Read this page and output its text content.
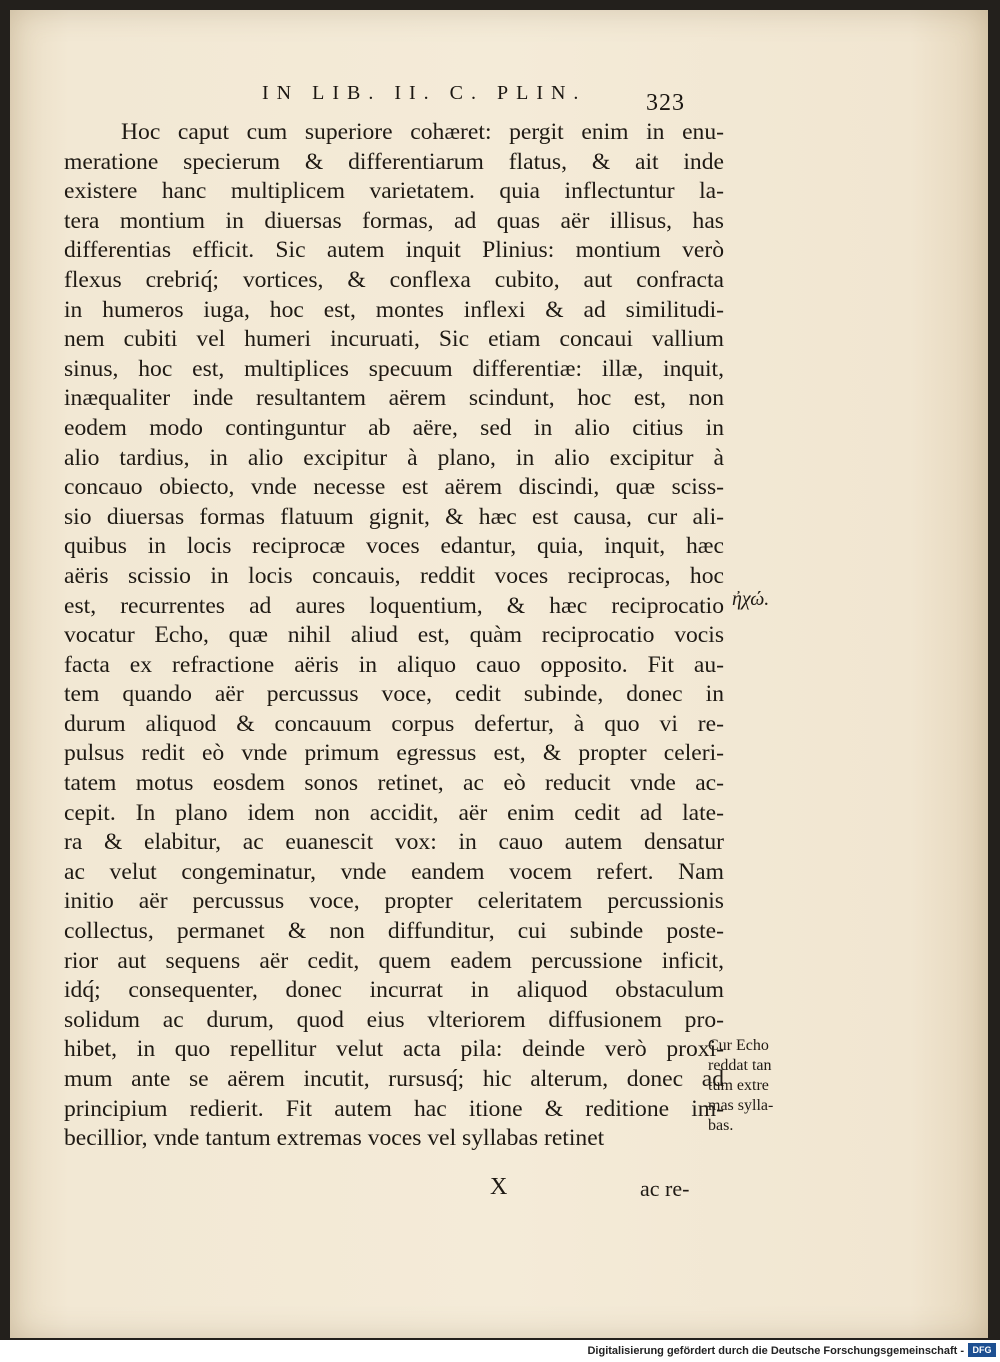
IN LIB. II. C. PLIN. 323
Hoc caput cum superiore cohæret: pergit enim in enu-
meratione specierum & differentiarum flatus, & ait inde
existere hanc multiplicem varietatem. quia inflectuntur la-
tera montium in diuersas formas, ad quas aër illisus, has
differentias efficit. Sic autem inquit Plinius: montium verò
flexus crebriq́; vortices, & conflexa cubito, aut confracta
in humeros iuga, hoc est, montes inflexi & ad similitudi-
nem cubiti vel humeri incuruati, Sic etiam concaui vallium
sinus, hoc est, multiplices specuum differentiæ: illæ, inquit,
inæqualiter inde resultantem aërem scindunt, hoc est, non
eodem modo continguntur ab aëre, sed in alio citius in
alio tardius, in alio excipitur à plano, in alio excipitur à
concauo obiecto, vnde necesse est aërem discindi, quæ sciss-
sio diuersas formas flatuum gignit, & hæc est causa, cur ali-
quibus in locis reciprocæ voces edantur, quia, inquit, hæc
aëris scissio in locis concauis, reddit voces reciprocas, hoc
est, recurrentes ad aures loquentium, & hæc reciprocatio
vocatur Echo, quæ nihil aliud est, quàm reciprocatio vocis
facta ex refractione aëris in aliquo cauo opposito. Fit au-
tem quando aër percussus voce, cedit subinde, donec in
durum aliquod & concauum corpus defertur, à quo vi re-
pulsus redit eò vnde primum egressus est, & propter celeri-
tatem motus eosdem sonos retinet, ac eò reducit vnde ac-
cepit. In plano idem non accidit, aër enim cedit ad late-
ra & elabitur, ac euanescit vox: in cauo autem densatur
ac velut congeminatur, vnde eandem vocem refert. Nam
initio aër percussus voce, propter celeritatem percussionis
collectus, permanet & non diffunditur, cui subinde poste-
rior aut sequens aër cedit, quem eadem percussione inficit,
idq́; consequenter, donec incurrat in aliquod obstaculum
solidum ac durum, quod eius vlteriorem diffusionem pro-
hibet, in quo repellitur velut acta pila: deinde verò proxi-
mum ante se aërem incutit, rursusq́; hic alterum, donec ad
principium redierit. Fit autem hac itione & reditione im-
becillior, vnde tantum extremas voces vel syllabas retinet
ἠχώ.
Cur Echo
reddat tan
tum extre
mas sylla-
bas.
X	ac re-
Digitalisierung gefördert durch die Deutsche Forschungsgemeinschaft - DFG
